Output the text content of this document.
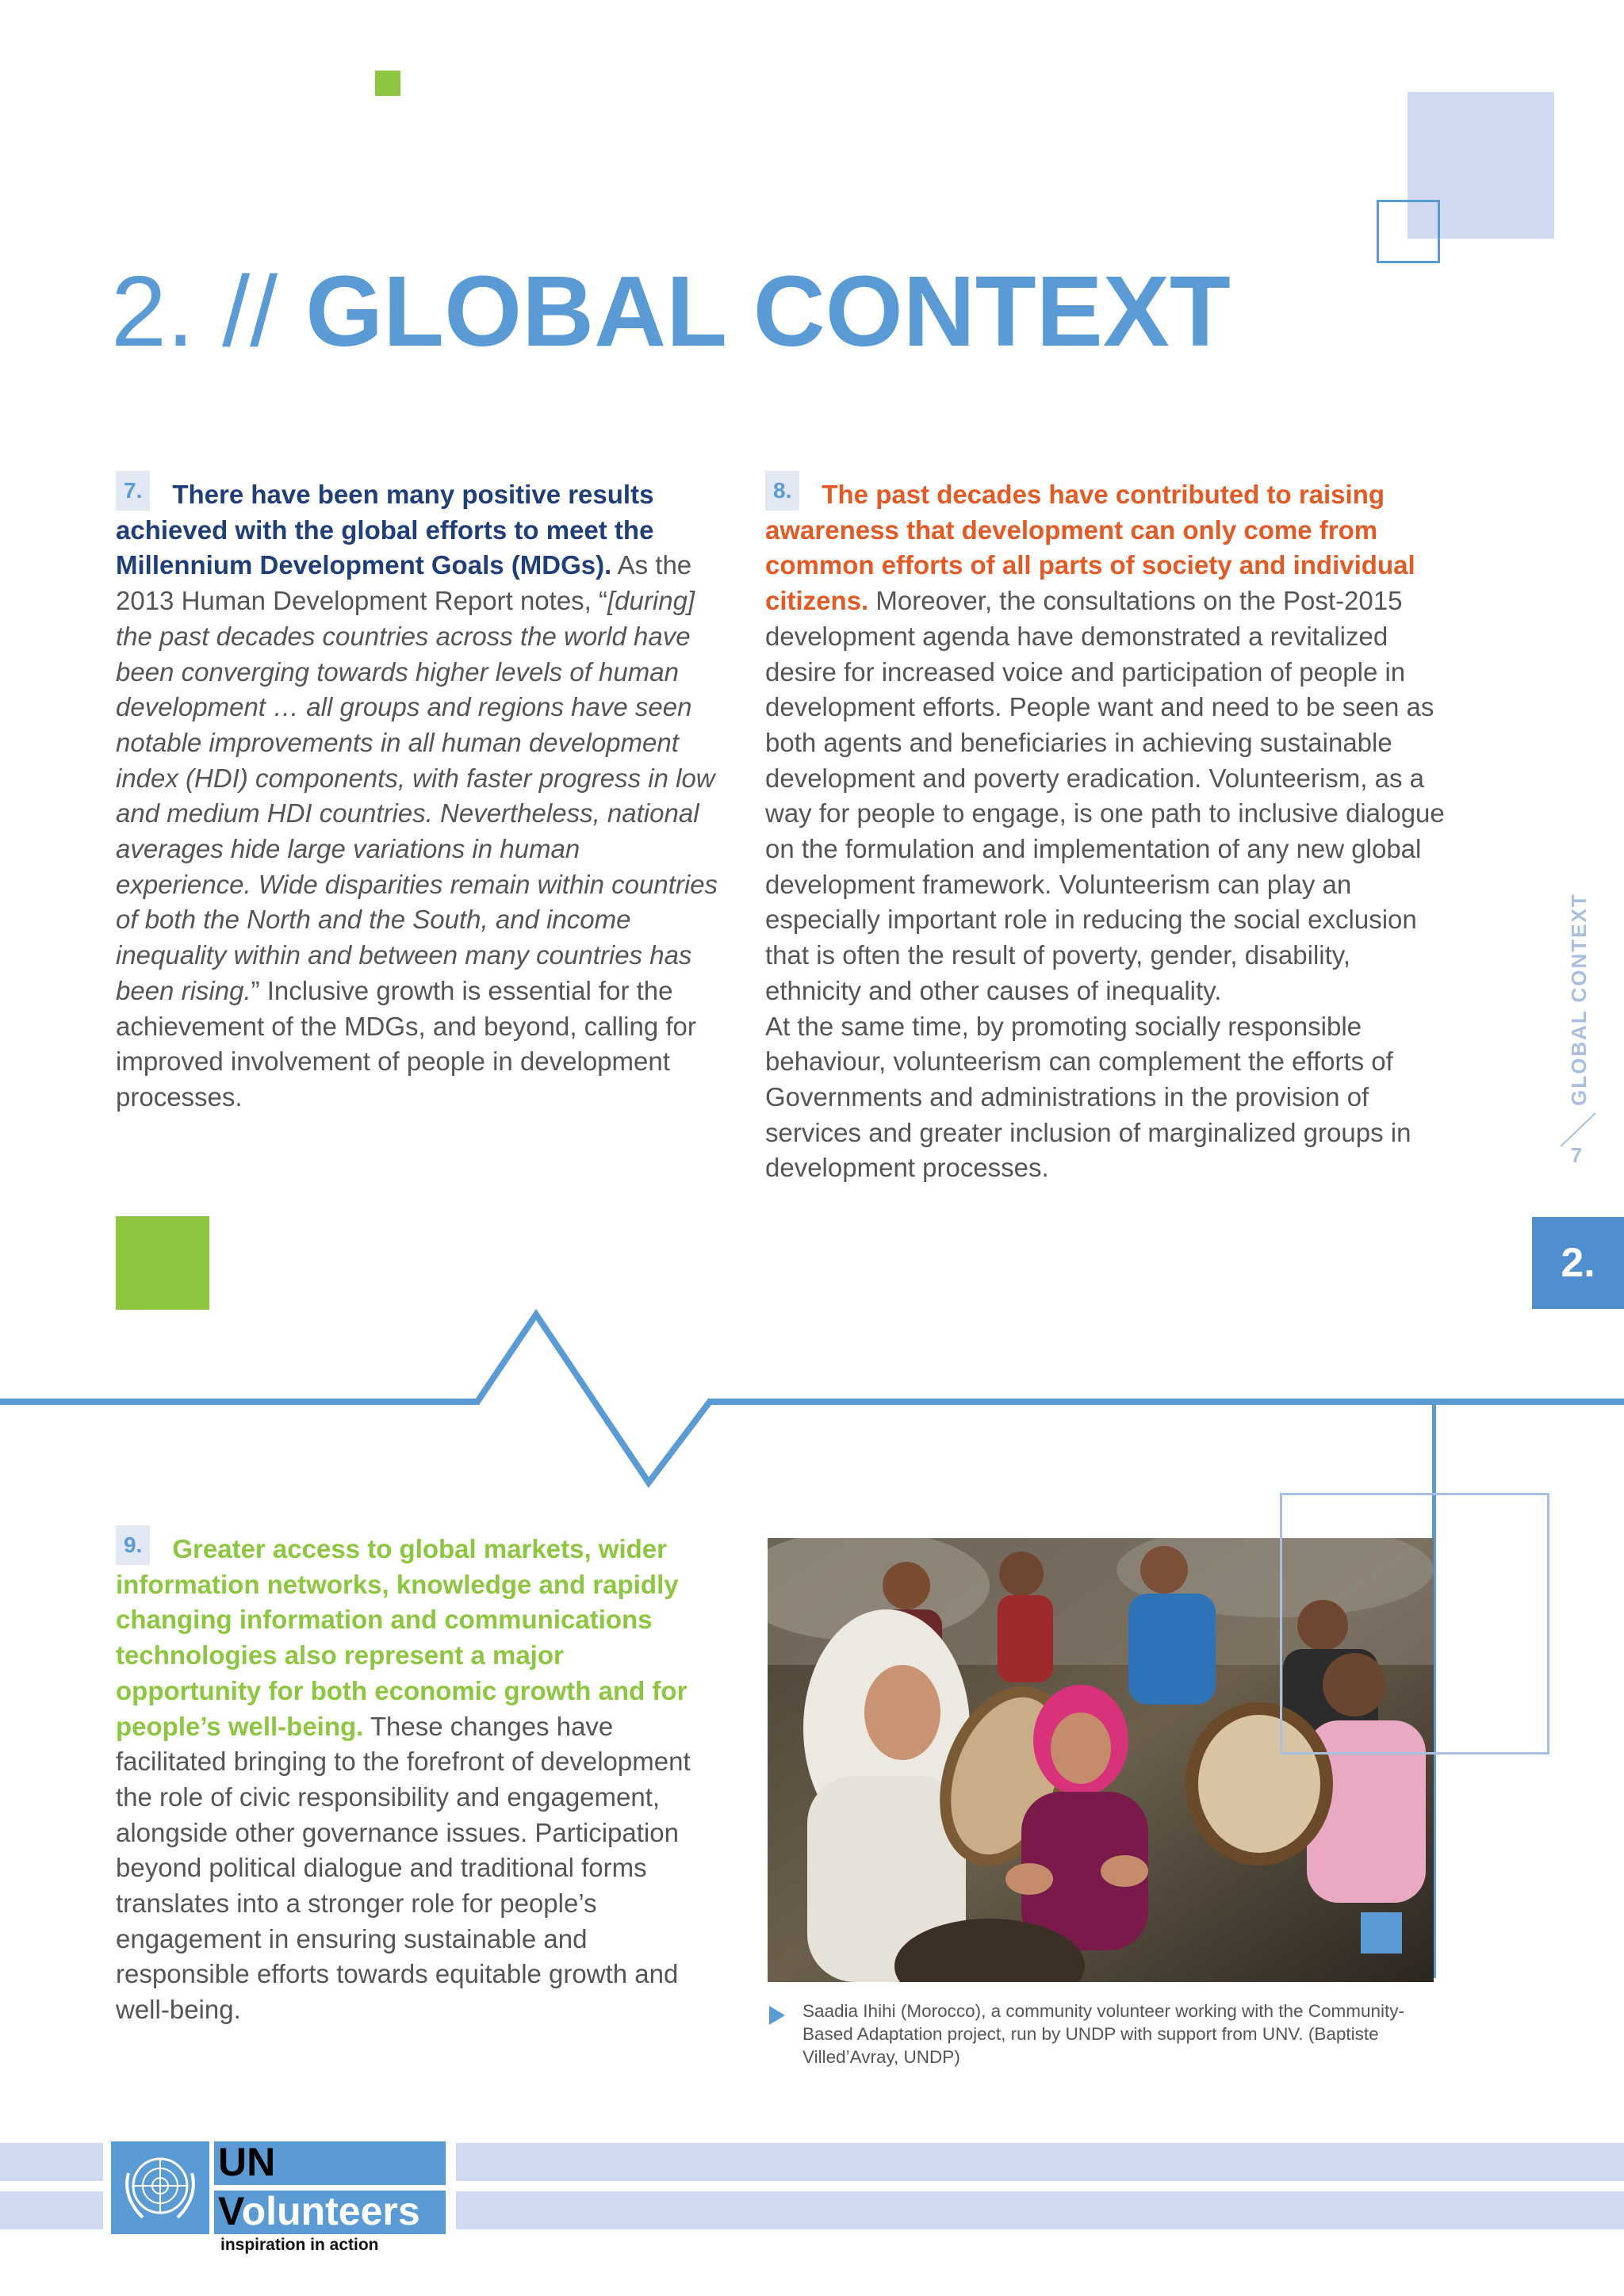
2. // GLOBAL CONTEXT
7. There have been many positive results achieved with the global efforts to meet the Millennium Development Goals (MDGs). As the 2013 Human Development Report notes, “[during] the past decades countries across the world have been converging towards higher levels of human development … all groups and regions have seen notable improvements in all human development index (HDI) components, with faster progress in low and medium HDI countries. Nevertheless, national averages hide large variations in human experience. Wide disparities remain within countries of both the North and the South, and income inequality within and between many countries has been rising.” Inclusive growth is essential for the achievement of the MDGs, and beyond, calling for improved involvement of people in development processes.
8. The past decades have contributed to raising awareness that development can only come from common efforts of all parts of society and individual citizens. Moreover, the consultations on the Post-2015 development agenda have demonstrated a revitalized desire for increased voice and participation of people in development efforts. People want and need to be seen as both agents and beneficiaries in achieving sustainable development and poverty eradication. Volunteerism, as a way for people to engage, is one path to inclusive dialogue on the formulation and implementation of any new global development framework. Volunteerism can play an especially important role in reducing the social exclusion that is often the result of poverty, gender, disability, ethnicity and other causes of inequality.
At the same time, by promoting socially responsible behaviour, volunteerism can complement the efforts of Governments and administrations in the provision of services and greater inclusion of marginalized groups in development processes.
GLOBAL CONTEXT
7
2.
9. Greater access to global markets, wider information networks, knowledge and rapidly changing information and communications technologies also represent a major opportunity for both economic growth and for people’s well-being. These changes have facilitated bringing to the forefront of development the role of civic responsibility and engagement, alongside other governance issues. Participation beyond political dialogue and traditional forms translates into a stronger role for people’s engagement in ensuring sustainable and responsible efforts towards equitable growth and well-being.	Saadia Ihihi (Morocco), a community volunteer working with the Community-Based Adaptation project, run by UNDP with support from UNV. (Baptiste Villed’Avray, UNDP)
UN
Volunteers
inspiration in action
